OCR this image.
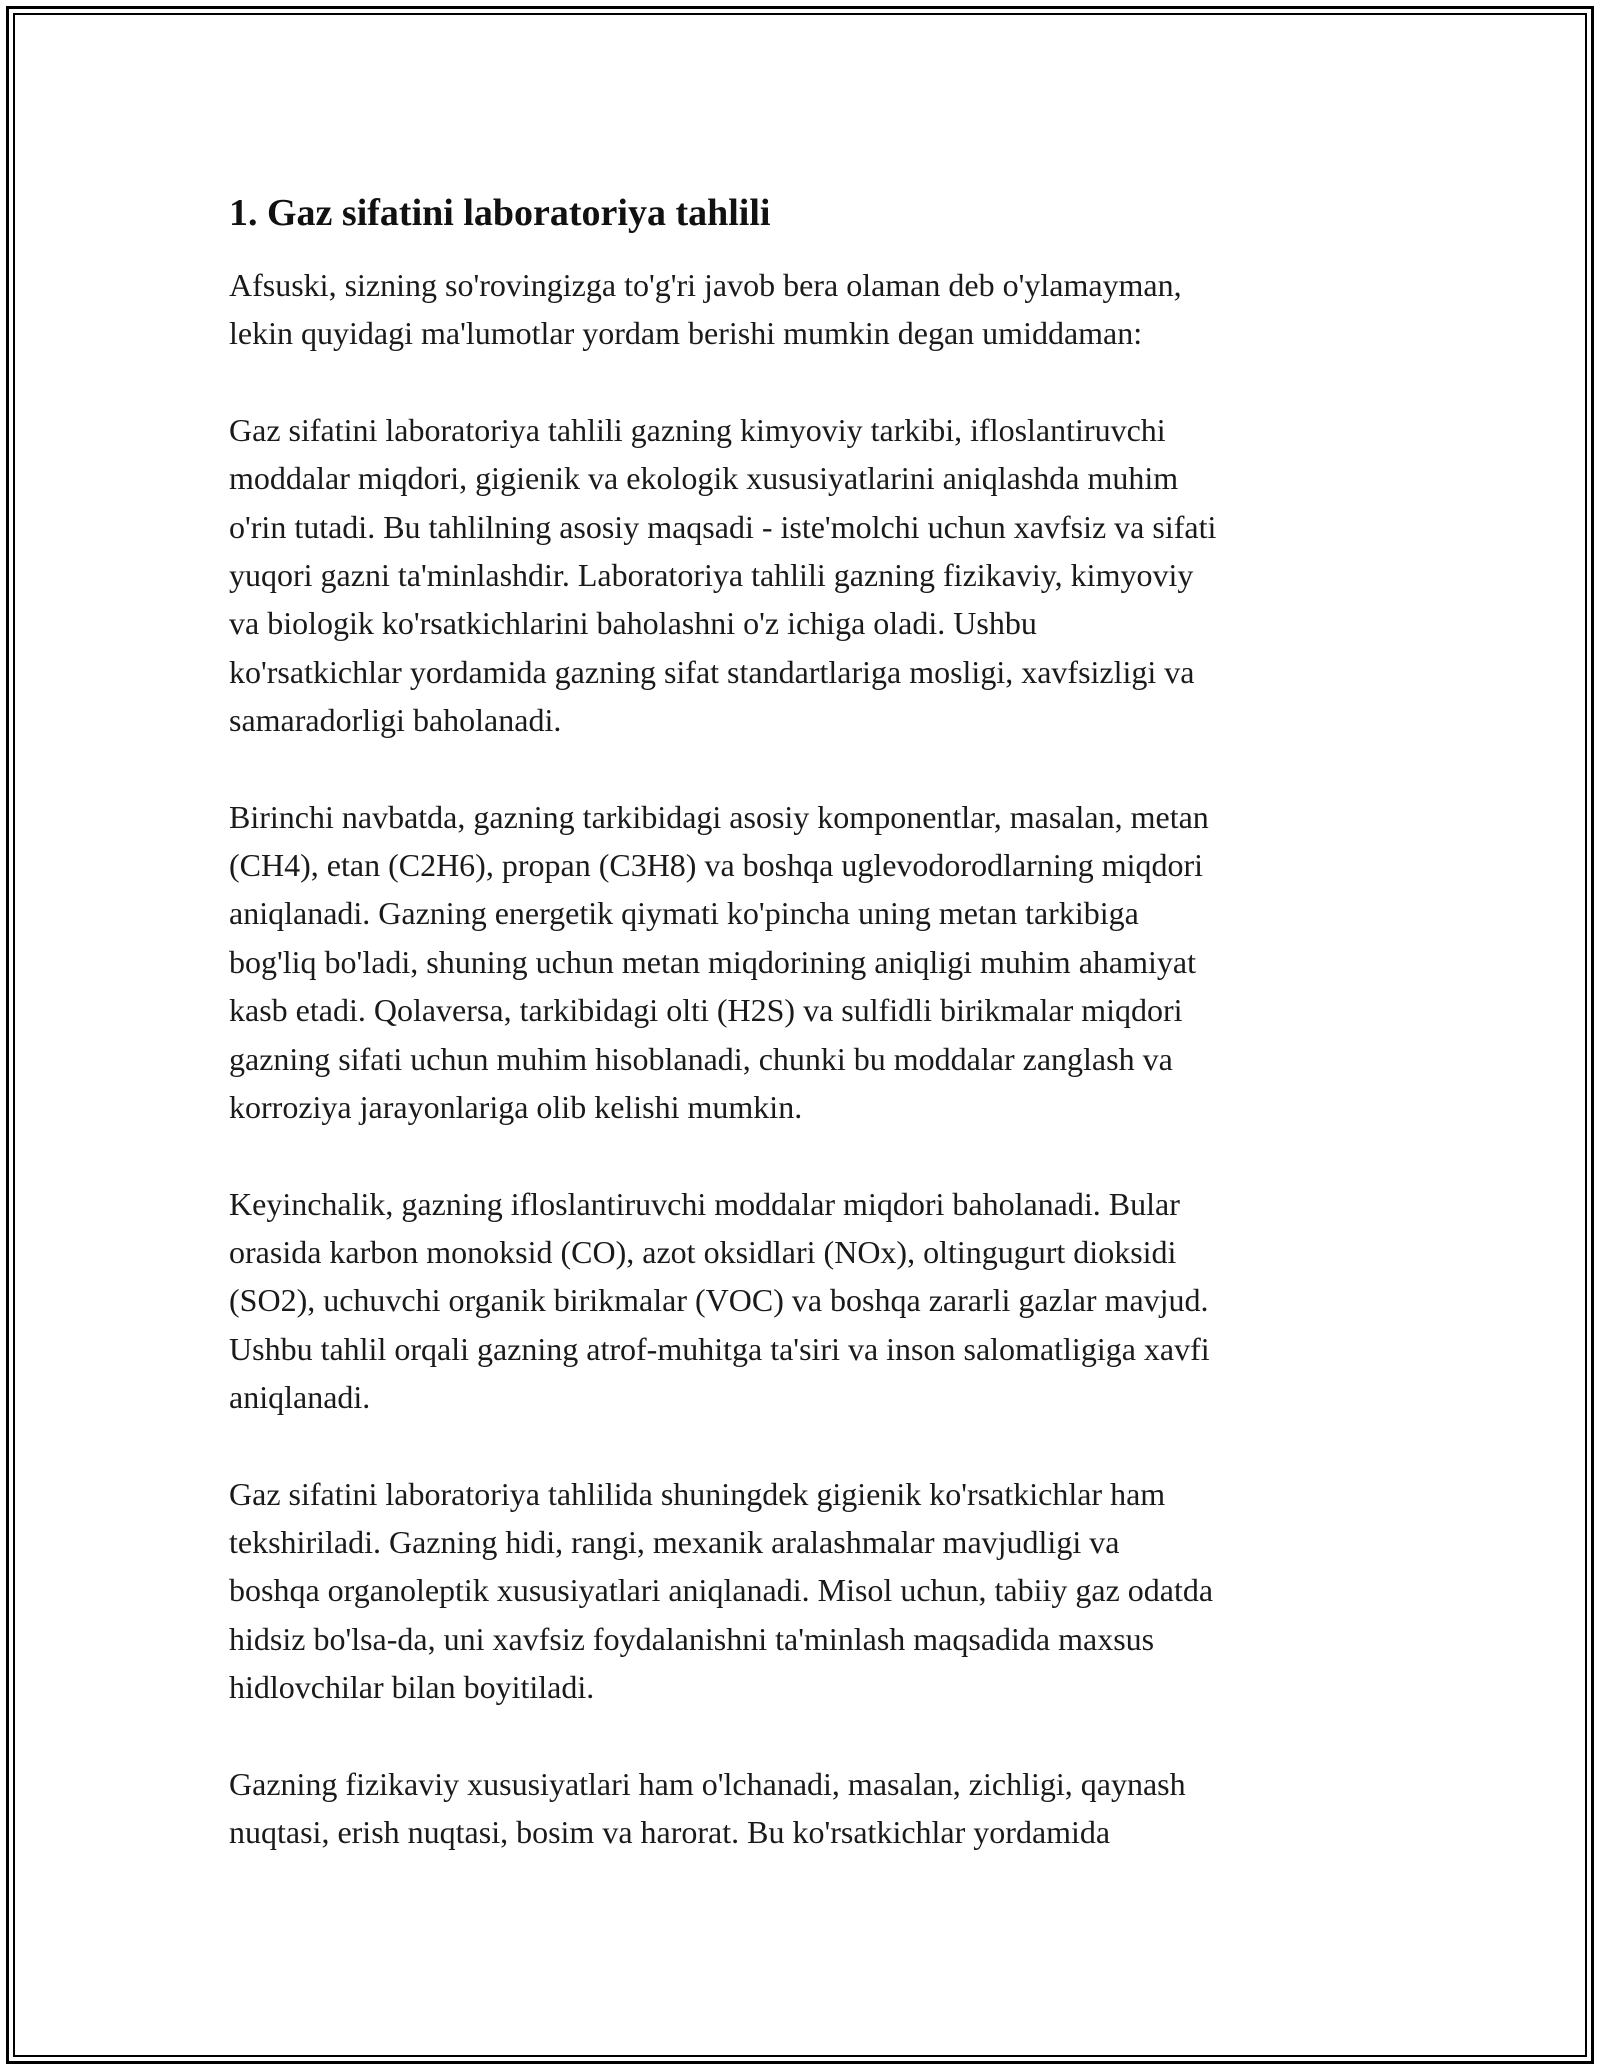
1. Gaz sifatini laboratoriya tahlili

Afsuski, sizning so'rovingizga to'g'ri javob bera olaman deb o'ylamayman,
lekin quyidagi ma'lumotlar yordam berishi mumkin degan umiddaman:

Gaz sifatini laboratoriya tahlili gazning kimyoviy tarkibi, ifloslantiruvchi
moddalar miqdori, gigienik va ekologik xususiyatlarini aniqlashda muhim
o'rin tutadi. Bu tahlilning asosiy maqsadi - iste'molchi uchun xavfsiz va sifati
yuqori gazni ta'minlashdir. Laboratoriya tahlili gazning fizikaviy, kimyoviy
va biologik ko'rsatkichlarini baholashni o'z ichiga oladi. Ushbu
ko'rsatkichlar yordamida gazning sifat standartlariga mosligi, xavfsizligi va
samaradorligi baholanadi.

Birinchi navbatda, gazning tarkibidagi asosiy komponentlar, masalan, metan
(CH4), etan (C2H6), propan (C3H8) va boshqa uglevodorodlarning miqdori
aniqlanadi. Gazning energetik qiymati ko'pincha uning metan tarkibiga
bog'liq bo'ladi, shuning uchun metan miqdorining aniqligi muhim ahamiyat
kasb etadi. Qolaversa, tarkibidagi olti (H2S) va sulfidli birikmalar miqdori
gazning sifati uchun muhim hisoblanadi, chunki bu moddalar zanglash va
korroziya jarayonlariga olib kelishi mumkin.

Keyinchalik, gazning ifloslantiruvchi moddalar miqdori baholanadi. Bular
orasida karbon monoksid (CO), azot oksidlari (NOx), oltingugurt dioksidi
(SO2), uchuvchi organik birikmalar (VOC) va boshqa zararli gazlar mavjud.
Ushbu tahlil orqali gazning atrof-muhitga ta'siri va inson salomatligiga xavfi
aniqlanadi.

Gaz sifatini laboratoriya tahlilida shuningdek gigienik ko'rsatkichlar ham
tekshiriladi. Gazning hidi, rangi, mexanik aralashmalar mavjudligi va
boshqa organoleptik xususiyatlari aniqlanadi. Misol uchun, tabiiy gaz odatda
hidsiz bo'lsa-da, uni xavfsiz foydalanishni ta'minlash maqsadida maxsus
hidlovchilar bilan boyitiladi.

Gazning fizikaviy xususiyatlari ham o'lchanadi, masalan, zichligi, qaynash
nuqtasi, erish nuqtasi, bosim va harorat. Bu ko'rsatkichlar yordamida
